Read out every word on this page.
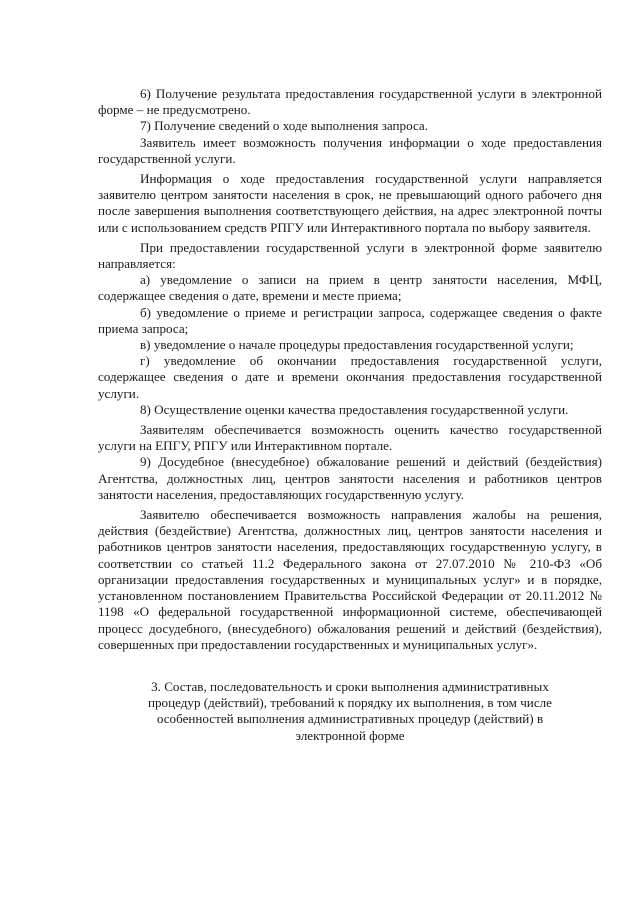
6) Получение результата предоставления государственной услуги в электронной форме – не предусмотрено.

7) Получение сведений о ходе выполнения запроса.

Заявитель имеет возможность получения информации о ходе предоставления государственной услуги.

Информация о ходе предоставления государственной услуги направляется заявителю центром занятости населения в срок, не превышающий одного рабочего дня после завершения выполнения соответствующего действия, на адрес электронной почты или с использованием средств РПГУ или Интерактивного портала по выбору заявителя.

При предоставлении государственной услуги в электронной форме заявителю направляется:

а) уведомление о записи на прием в центр занятости населения, МФЦ, содержащее сведения о дате, времени и месте приема;

б) уведомление о приеме и регистрации запроса, содержащее сведения о факте приема запроса;

в) уведомление о начале процедуры предоставления государственной услуги;

г) уведомление об окончании предоставления государственной услуги, содержащее сведения о дате и времени окончания предоставления государственной услуги.

8) Осуществление оценки качества предоставления государственной услуги.

Заявителям обеспечивается возможность оценить качество государственной услуги на ЕПГУ, РПГУ или Интерактивном портале.

9) Досудебное (внесудебное) обжалование решений и действий (бездействия) Агентства, должностных лиц, центров занятости населения и работников центров занятости населения, предоставляющих государственную услугу.

Заявителю обеспечивается возможность направления жалобы на решения, действия (бездействие) Агентства, должностных лиц, центров занятости населения и работников центров занятости населения, предоставляющих государственную услугу, в соответствии со статьей 11.2 Федерального закона от 27.07.2010 № 210-ФЗ «Об организации предоставления государственных и муниципальных услуг» и в порядке, установленном постановлением Правительства Российской Федерации от 20.11.2012 № 1198 «О федеральной государственной информационной системе, обеспечивающей процесс досудебного, (внесудебного) обжалования решений и действий (бездействия), совершенных при предоставлении государственных и муниципальных услуг».

3. Состав, последовательность и сроки выполнения административных
процедур (действий), требований к порядку их выполнения, в том числе
особенностей выполнения административных процедур (действий) в
электронной форме
